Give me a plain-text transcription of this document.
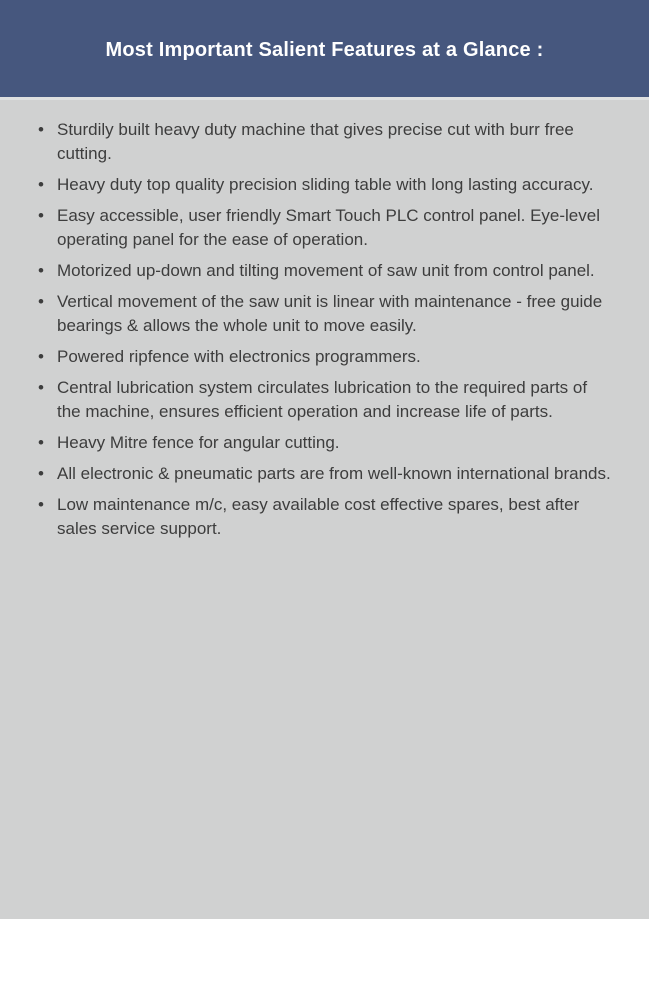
Most Important Salient Features at a Glance :
• Sturdily built heavy duty machine that gives precise cut with burr free cutting.
• Heavy duty top quality precision sliding table with long lasting accuracy.
• Easy accessible, user friendly Smart Touch PLC control panel. Eye-level operating panel for the ease of operation.
• Motorized up-down and tilting movement of saw unit from control panel.
• Vertical movement of the saw unit is linear with maintenance - free guide bearings & allows the whole unit to move easily.
• Powered ripfence with electronics programmers.
• Central lubrication system circulates lubrication to the required parts of the machine, ensures efficient operation and increase life of parts.
• Heavy Mitre fence for angular cutting.
• All electronic & pneumatic parts are from well-known international brands.
• Low maintenance m/c, easy available cost effective spares, best after sales service support.
